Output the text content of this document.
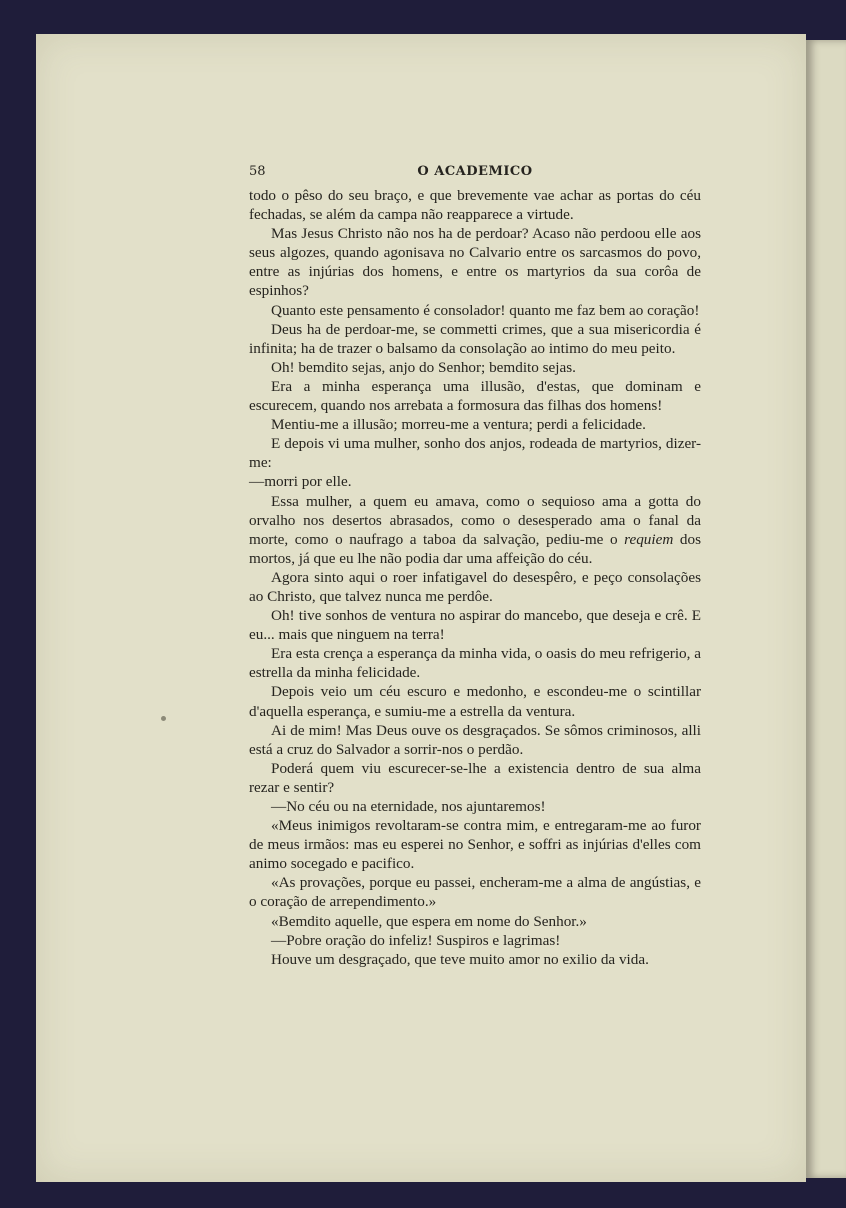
58	O ACADEMICO

todo o pêso do seu braço, e que brevemente vae achar as portas do céu fechadas, se além da campa não reapparece a virtude.

Mas Jesus Christo não nos ha de perdoar? Acaso não perdoou elle aos seus algozes, quando agonisava no Calvario entre os sarcasmos do povo, entre as injúrias dos homens, e entre os martyrios da sua corôa de espinhos?

Quanto este pensamento é consolador! quanto me faz bem ao coração!

Deus ha de perdoar-me, se commetti crimes, que a sua misericordia é infinita; ha de trazer o balsamo da consolação ao intimo do meu peito.

Oh! bemdito sejas, anjo do Senhor; bemdito sejas.

Era a minha esperança uma illusão, d'estas, que dominam e escurecem, quando nos arrebata a formosura das filhas dos homens!

Mentiu-me a illusão; morreu-me a ventura; perdi a felicidade.

E depois vi uma mulher, sonho dos anjos, rodeada de martyrios, dizer-me:

—morri por elle.

Essa mulher, a quem eu amava, como o sequioso ama a gotta do orvalho nos desertos abrasados, como o desesperado ama o fanal da morte, como o naufrago a taboa da salvação, pediu-me o requiem dos mortos, já que eu lhe não podia dar uma affeição do céu.

Agora sinto aqui o roer infatigavel do desespêro, e peço consolações ao Christo, que talvez nunca me perdôe.

Oh! tive sonhos de ventura no aspirar do mancebo, que deseja e crê. E eu... mais que ninguem na terra!

Era esta crença a esperança da minha vida, o oasis do meu refrigerio, a estrella da minha felicidade.

Depois veio um céu escuro e medonho, e escondeu-me o scintillar d'aquella esperança, e sumiu-me a estrella da ventura.

Ai de mim! Mas Deus ouve os desgraçados. Se sômos criminosos, alli está a cruz do Salvador a sorrir-nos o perdão.

Poderá quem viu escurecer-se-lhe a existencia dentro de sua alma rezar e sentir?

—No céu ou na eternidade, nos ajuntaremos!

«Meus inimigos revoltaram-se contra mim, e entregaram-me ao furor de meus irmãos: mas eu esperei no Senhor, e soffri as injúrias d'elles com animo socegado e pacifico.

«As provações, porque eu passei, encheram-me a alma de angústias, e o coração de arrependimento.»

«Bemdito aquelle, que espera em nome do Senhor.»

—Pobre oração do infeliz! Suspiros e lagrimas!

Houve um desgraçado, que teve muito amor no exilio da vida.
